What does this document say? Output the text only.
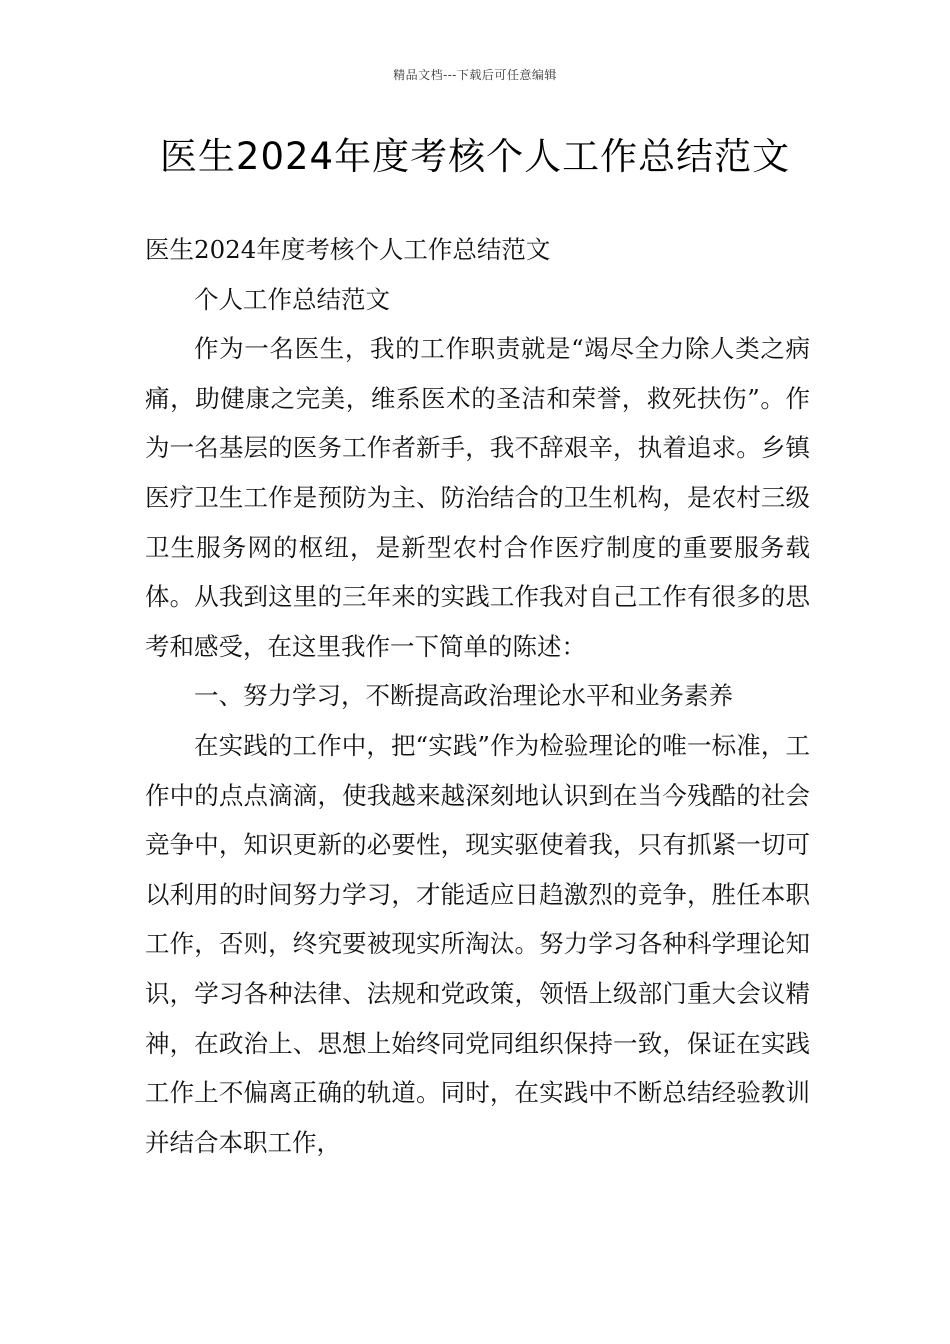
精品文档---下载后可任意编辑
医生2024年度考核个人工作总结范文

医生2024年度考核个人工作总结范文

个人工作总结范文

作为一名医生，我的工作职责就是“竭尽全力除人类之病痛，助健康之完美，维系医术的圣洁和荣誉，救死扶伤”。作为一名基层的医务工作者新手，我不辞艰辛，执着追求。乡镇医疗卫生工作是预防为主、防治结合的卫生机构，是农村三级卫生服务网的枢纽，是新型农村合作医疗制度的重要服务载体。从我到这里的三年来的实践工作我对自己工作有很多的思考和感受，在这里我作一下简单的陈述：

一、努力学习，不断提高政治理论水平和业务素养

在实践的工作中，把“实践”作为检验理论的唯一标准，工作中的点点滴滴，使我越来越深刻地认识到在当今残酷的社会竞争中，知识更新的必要性，现实驱使着我，只有抓紧一切可以利用的时间努力学习，才能适应日趋激烈的竞争，胜任本职工作，否则，终究要被现实所淘汰。努力学习各种科学理论知识，学习各种法律、法规和党政策，领悟上级部门重大会议精神，在政治上、思想上始终同党同组织保持一致，保证在实践工作上不偏离正确的轨道。同时，在实践中不断总结经验教训并结合本职工作，
